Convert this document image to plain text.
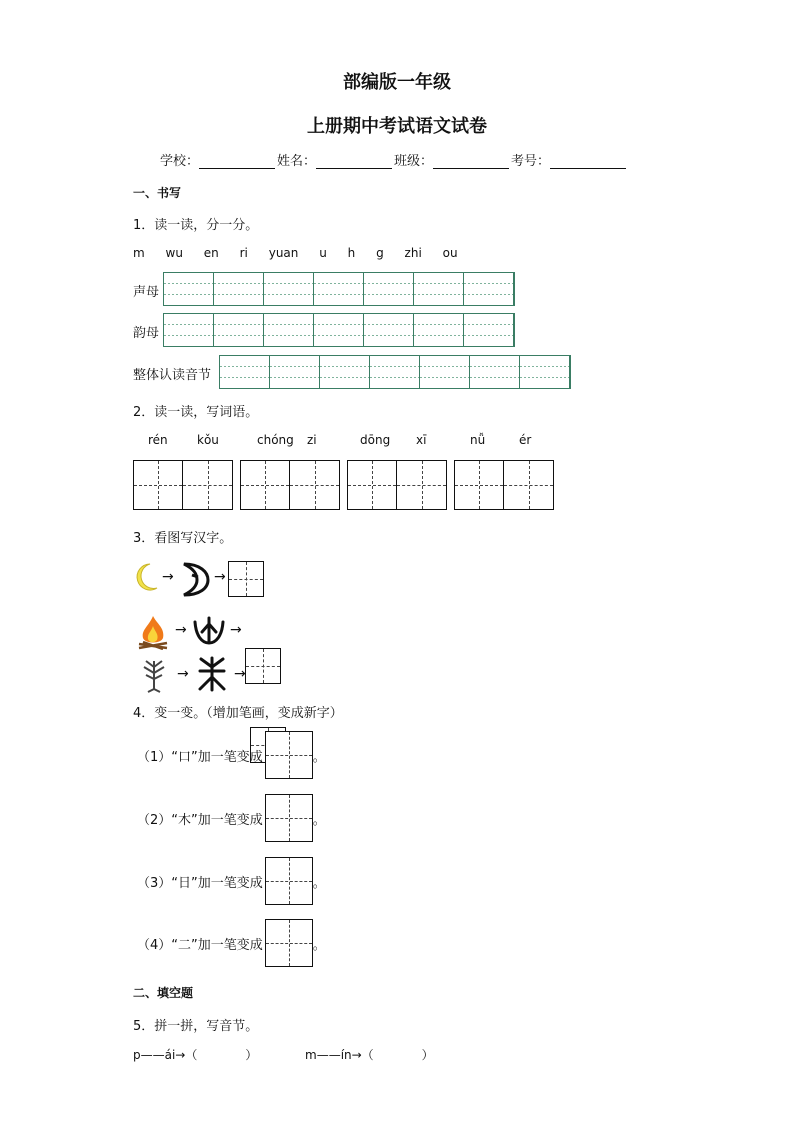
部编版一年级
上册期中考试语文试卷
学校：	姓名：	班级：	考号：
一、书写
1．读一读，分一分。
m wu en ri yuan u h g zhi ou
声母
韵母
整体认读音节
2．读一读，写词语。
rén kǒu	chóng zi	dōng xī	nǚ	ér
3．看图写汉字。
→	→
→	→
→	→
4．变一变。（增加笔画，变成新字）
（1）“口”加一笔变成	。
（2）“木”加一笔变成	。
（3）“日”加一笔变成	。
（4）“二”加一笔变成	。
二、填空题
5．拼一拼，写音节。
p——ái→（　　　　）	m——ín→（　　　　）
